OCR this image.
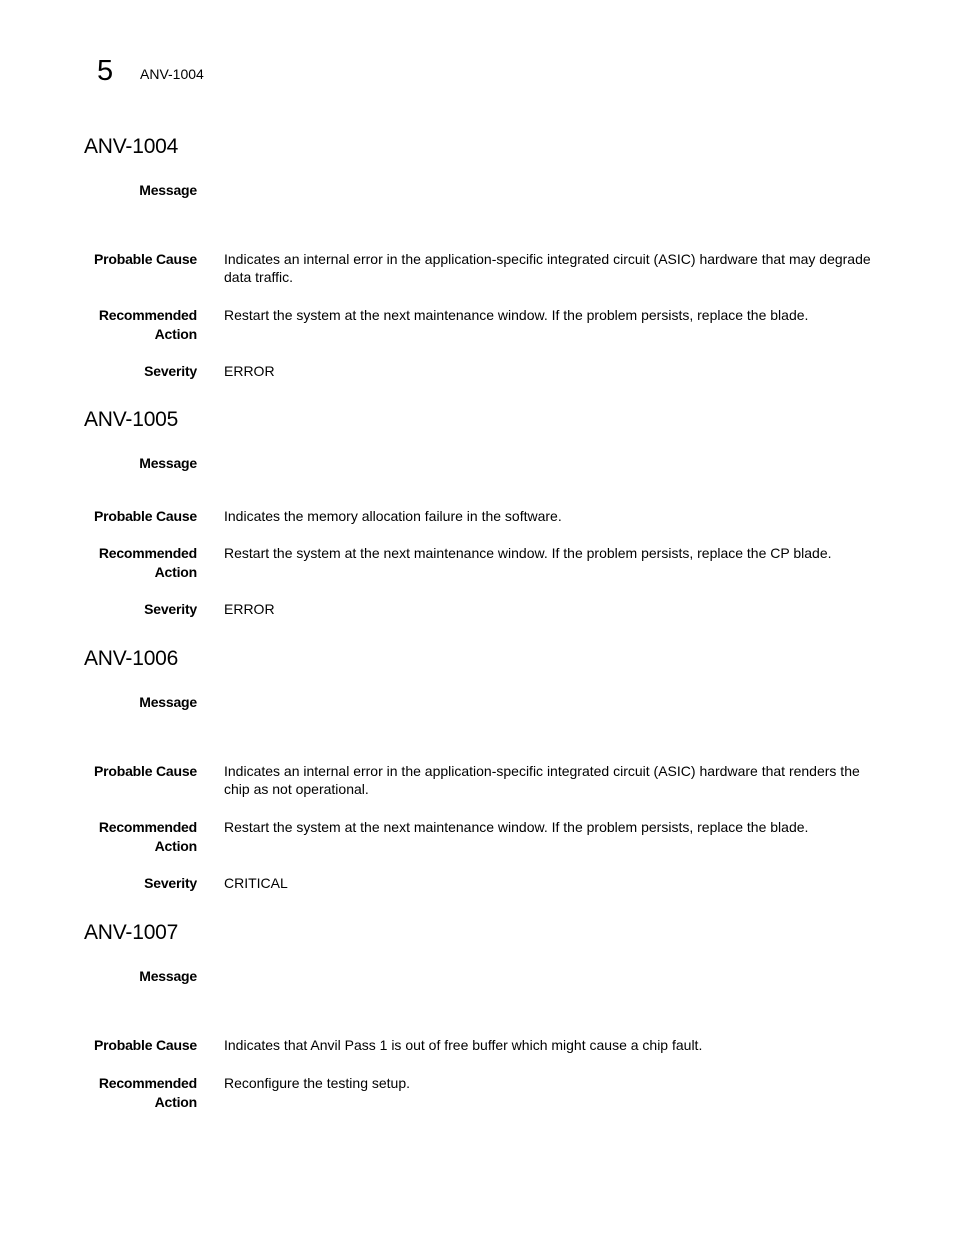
5 ANV-1004
ANV-1004
Message
Probable Cause Indicates an internal error in the application-specific integrated circuit (ASIC) hardware that may degrade data traffic.
Recommended Action
Restart the system at the next maintenance window. If the problem persists, replace the blade.
Severity ERROR
ANV-1005
Message
Probable Cause Indicates the memory allocation failure in the software.
Recommended Action
Restart the system at the next maintenance window. If the problem persists, replace the CP blade.
Severity ERROR
ANV-1006
Message
Probable Cause Indicates an internal error in the application-specific integrated circuit (ASIC) hardware that renders the chip as not operational.
Recommended Action
Restart the system at the next maintenance window. If the problem persists, replace the blade.
Severity CRITICAL
ANV-1007
Message
Probable Cause Indicates that Anvil Pass 1 is out of free buffer which might cause a chip fault.
Recommended Action
Reconfigure the testing setup.
